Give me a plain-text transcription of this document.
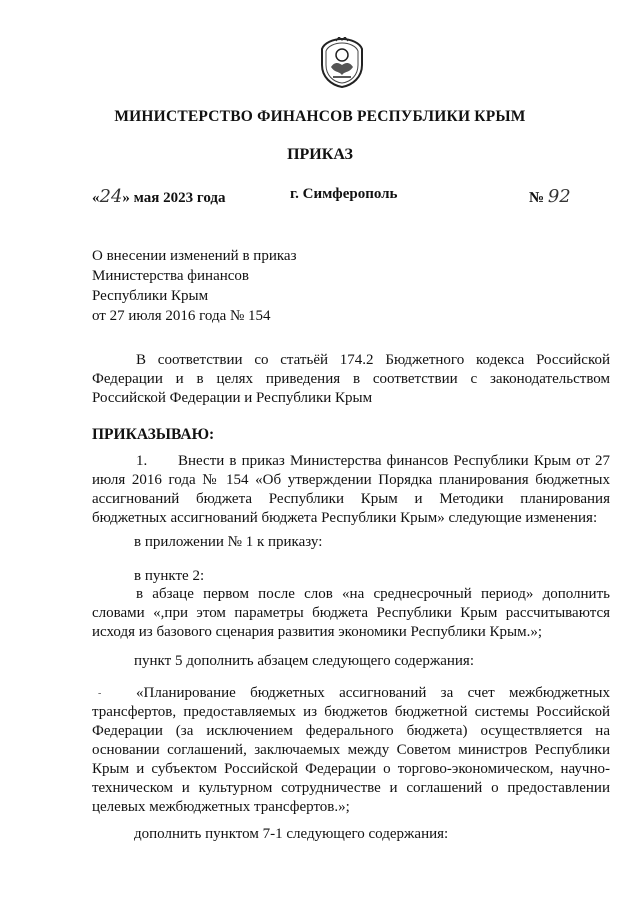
МИНИСТЕРСТВО ФИНАНСОВ РЕСПУБЛИКИ КРЫМ
ПРИКАЗ
«24» мая 2023 года	г. Симферополь	№ 92
О внесении изменений в приказ
Министерства финансов
Республики Крым
от 27 июля 2016 года № 154
В соответствии со статьёй 174.2 Бюджетного кодекса Российской Федерации и в целях приведения в соответствии с законодательством Российской Федерации и Республики Крым
ПРИКАЗЫВАЮ:
1.      Внести в приказ Министерства финансов Республики Крым от 27 июля 2016 года № 154 «Об утверждении Порядка планирования бюджетных ассигнований бюджета Республики Крым и Методики планирования бюджетных ассигнований бюджета Республики Крым» следующие изменения:
в приложении № 1 к приказу:
в пункте 2:
в абзаце первом после слов «на среднесрочный период» дополнить словами «,при этом параметры бюджета Республики Крым рассчитываются исходя из базового сценария развития экономики Республики Крым.»;
пункт 5 дополнить абзацем следующего содержания:
-	«Планирование бюджетных ассигнований за счет межбюджетных трансфертов, предоставляемых из бюджетов бюджетной системы Российской Федерации (за исключением федерального бюджета) осуществляется на основании соглашений, заключаемых между Советом министров Республики Крым и субъектом Российской Федерации о торгово-экономическом, научно-техническом и культурном сотрудничестве и соглашений о предоставлении целевых межбюджетных трансфертов.»;
дополнить пунктом 7-1 следующего содержания:
